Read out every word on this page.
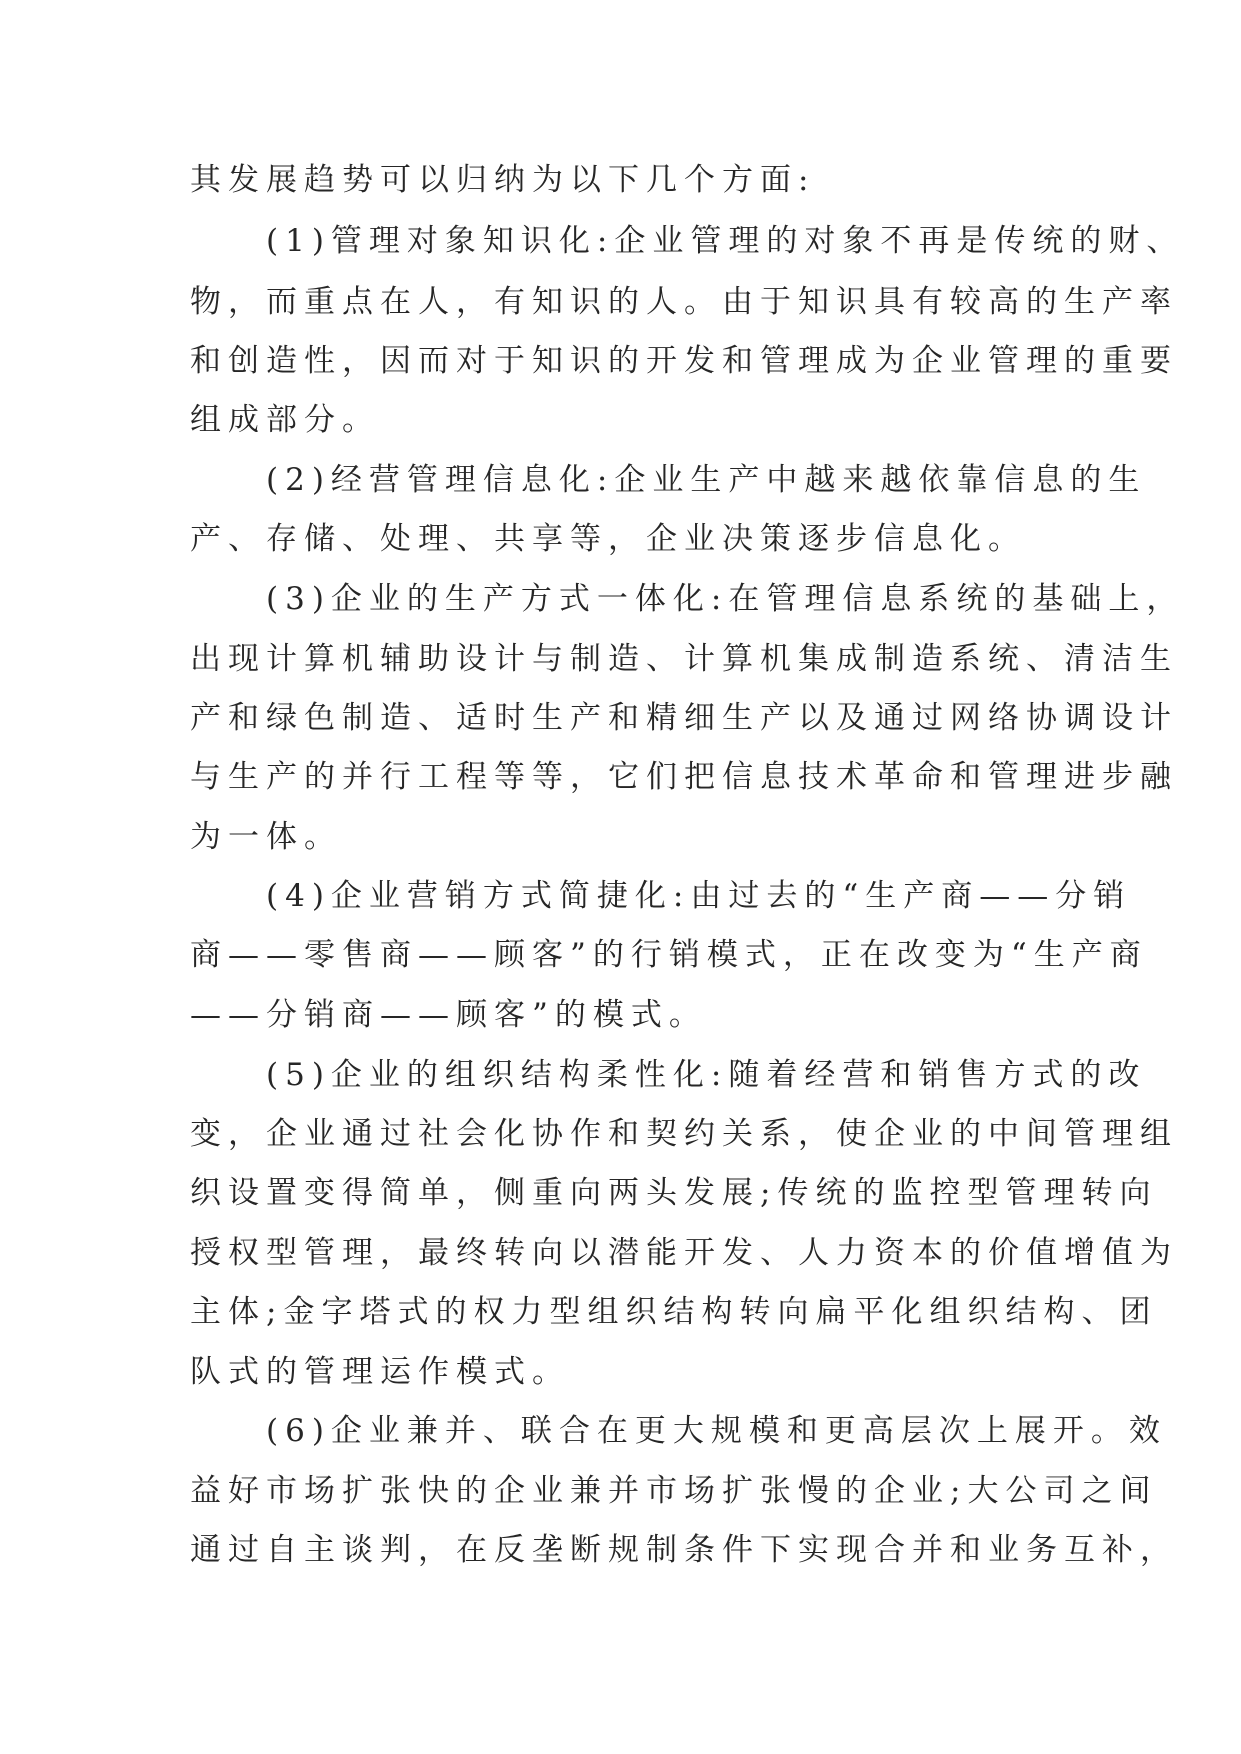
其发展趋势可以归纳为以下几个方面:

(1)管理对象知识化:企业管理的对象不再是传统的财、

物，而重点在人，有知识的人。由于知识具有较高的生产率

和创造性，因而对于知识的开发和管理成为企业管理的重要

组成部分。

(2)经营管理信息化:企业生产中越来越依靠信息的生

产、存储、处理、共享等，企业决策逐步信息化。

(3)企业的生产方式一体化:在管理信息系统的基础上，

出现计算机辅助设计与制造、计算机集成制造系统、清洁生

产和绿色制造、适时生产和精细生产以及通过网络协调设计

与生产的并行工程等等，它们把信息技术革命和管理进步融

为一体。

(4)企业营销方式简捷化:由过去的“生产商——分销

商——零售商——顾客”的行销模式，正在改变为“生产商

——分销商——顾客”的模式。

(5)企业的组织结构柔性化:随着经营和销售方式的改

变，企业通过社会化协作和契约关系，使企业的中间管理组

织设置变得简单，侧重向两头发展;传统的监控型管理转向

授权型管理，最终转向以潜能开发、人力资本的价值增值为

主体;金字塔式的权力型组织结构转向扁平化组织结构、团

队式的管理运作模式。

(6)企业兼并、联合在更大规模和更高层次上展开。效

益好市场扩张快的企业兼并市场扩张慢的企业;大公司之间

通过自主谈判，在反垄断规制条件下实现合并和业务互补，
